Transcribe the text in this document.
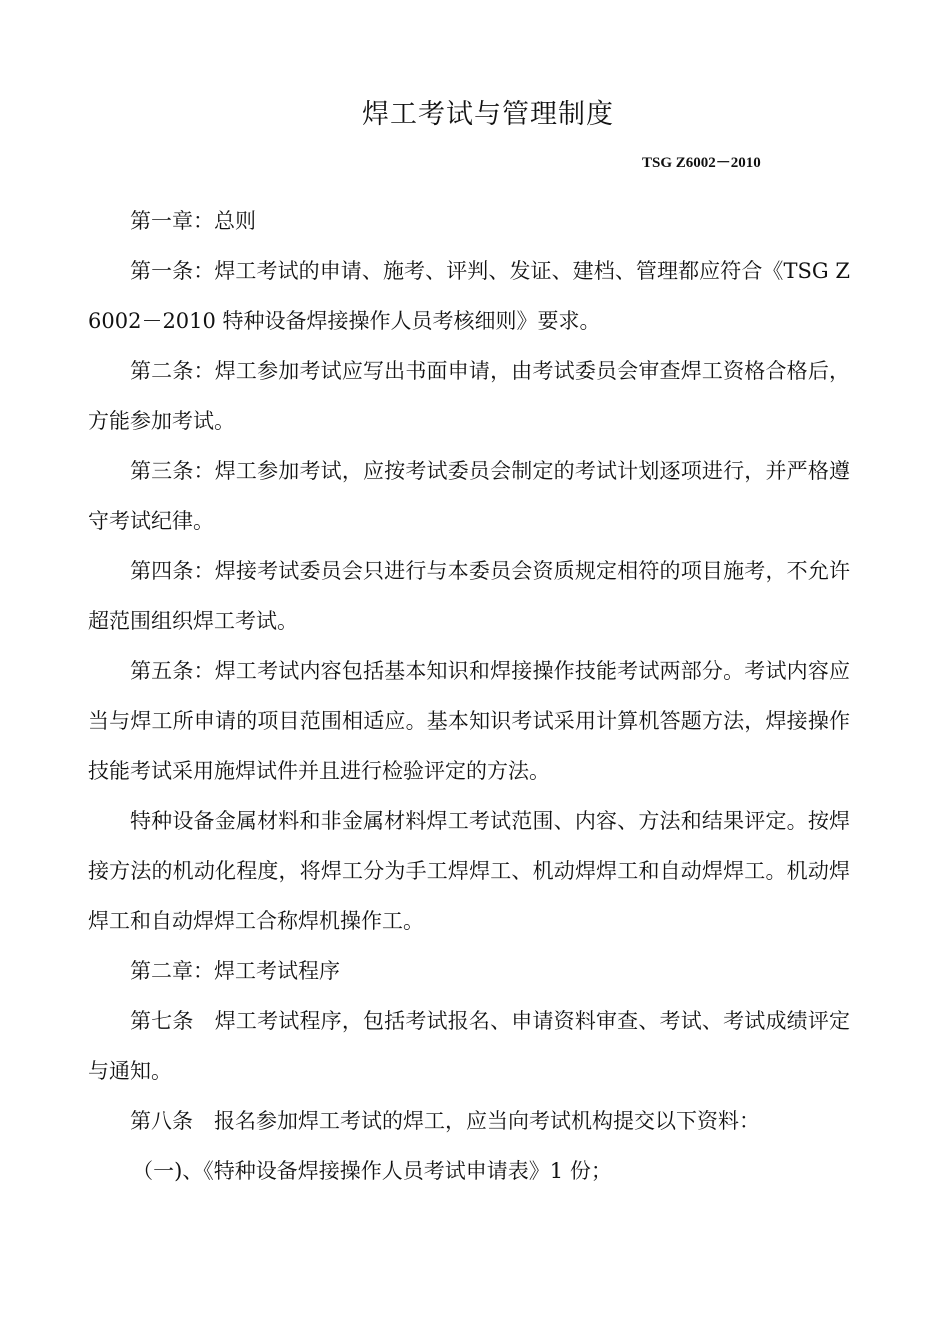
焊工考试与管理制度
TSG Z6002－2010

第一章：总则

第一条：焊工考试的申请、施考、评判、发证、建档、管理都应符合《TSG Z6002－2010 特种设备焊接操作人员考核细则》要求。

第二条：焊工参加考试应写出书面申请，由考试委员会审查焊工资格合格后，方能参加考试。

第三条：焊工参加考试，应按考试委员会制定的考试计划逐项进行，并严格遵守考试纪律。

第四条：焊接考试委员会只进行与本委员会资质规定相符的项目施考，不允许超范围组织焊工考试。

第五条：焊工考试内容包括基本知识和焊接操作技能考试两部分。考试内容应当与焊工所申请的项目范围相适应。基本知识考试采用计算机答题方法，焊接操作技能考试采用施焊试件并且进行检验评定的方法。

特种设备金属材料和非金属材料焊工考试范围、内容、方法和结果评定。按焊接方法的机动化程度，将焊工分为手工焊焊工、机动焊焊工和自动焊焊工。机动焊焊工和自动焊焊工合称焊机操作工。

第二章：焊工考试程序

第七条　焊工考试程序，包括考试报名、申请资料审查、考试、考试成绩评定与通知。

第八条　报名参加焊工考试的焊工，应当向考试机构提交以下资料：

（一)、《特种设备焊接操作人员考试申请表》1 份；
